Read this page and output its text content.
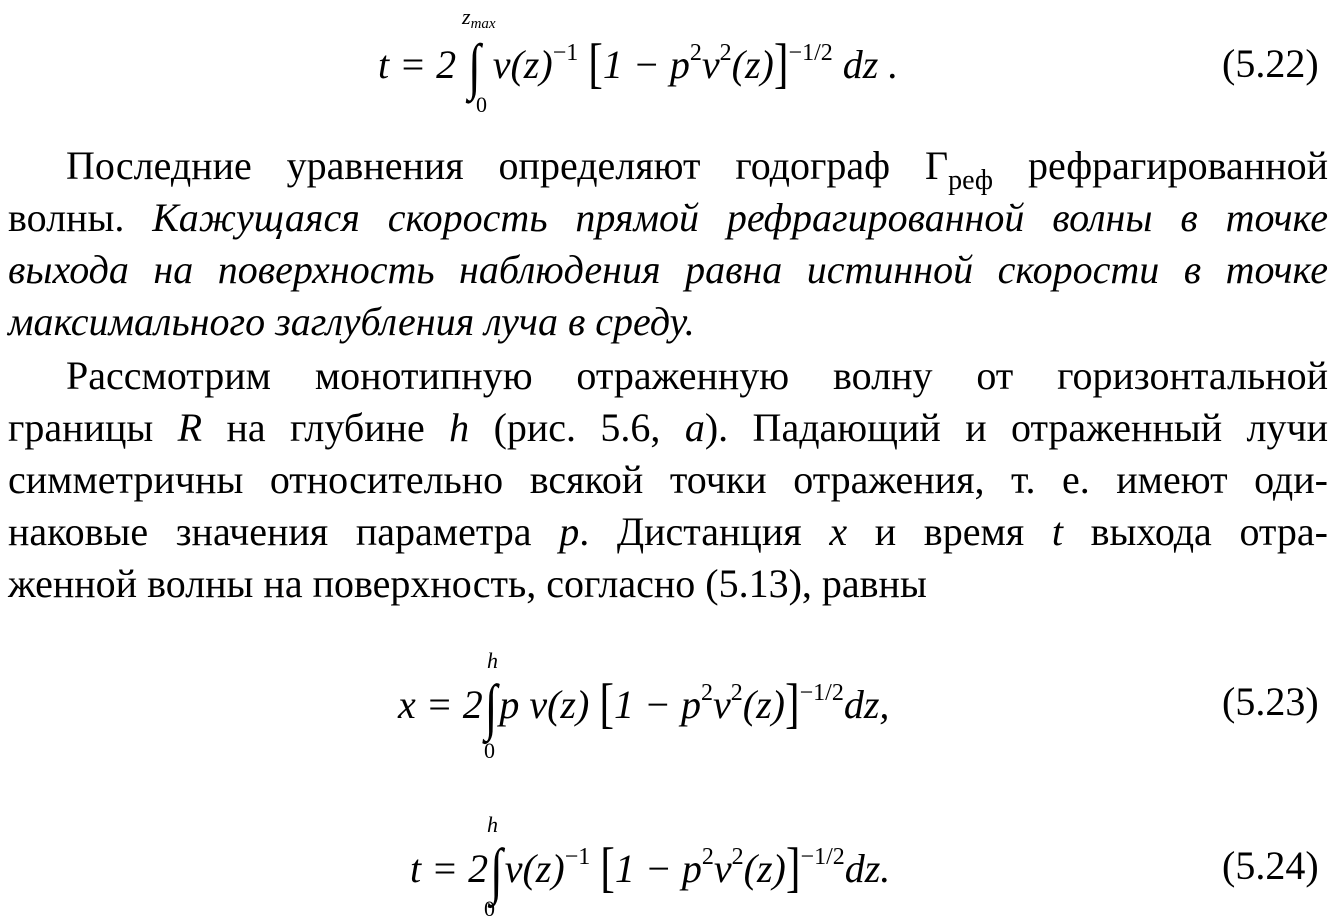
t = 2 ∫ $v(z)^{-1}$ $[1 - p^2v^2(z)]^{-1/2}$ dz .
$z_{max}$
0
(5.22)
Последние уравнения определяют годограф $Г_{реф}$ рефрагированной
волны. Кажущаяся скорость прямой рефрагированной волны в точке
выхода на поверхность наблюдения равна истинной скорости в точке
максимального заглубления луча в среду.
Рассмотрим монотипную отраженную волну от горизонтальной
границы R на глубине h (рис. 5.6, а). Падающий и отраженный лучи
симметричны относительно всякой точки отражения, т. е. имеют оди-
наковые значения параметра p. Дистанция x и время t выхода отра-
женной волны на поверхность, согласно (5.13), равны
x = 2∫p v(z) $[1 - p^2v^2(z)]^{-1/2}dz$,
h
0
(5.23)
$t = 2\int v(z)^{-1}$ $[1 - p^2v^2(z)]^{-1/2}dz$.
h
0
(5.24)
